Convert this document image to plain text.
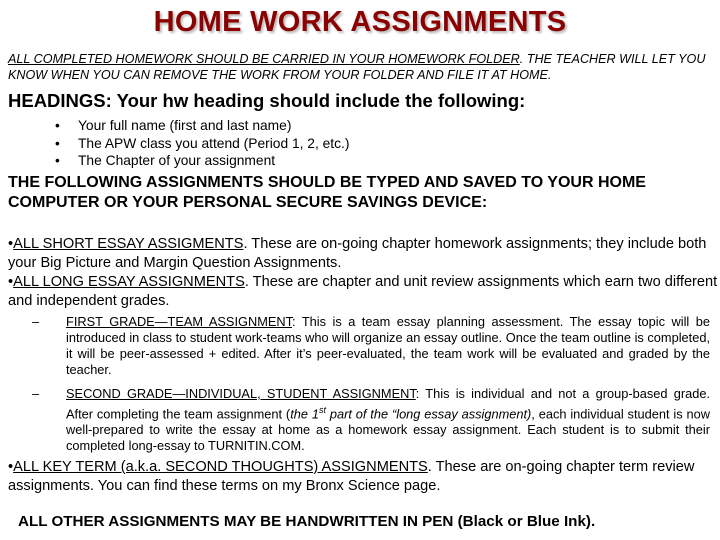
HOME WORK ASSIGNMENTS
ALL COMPLETED HOMEWORK SHOULD BE CARRIED IN YOUR HOMEWORK FOLDER. THE TEACHER WILL LET YOU KNOW WHEN YOU CAN REMOVE THE WORK FROM YOUR FOLDER AND FILE IT AT HOME.
HEADINGS: Your hw heading should include the following:
• Your full name (first and last name)
• The APW class you attend (Period 1, 2, etc.)
• The Chapter of your assignment
THE FOLLOWING ASSIGNMENTS SHOULD BE TYPED AND SAVED TO YOUR HOME COMPUTER OR YOUR PERSONAL SECURE SAVINGS DEVICE:
•ALL SHORT ESSAY ASSIGMENTS. These are on-going chapter homework assignments; they include both your Big Picture and Margin Question Assignments.
•ALL LONG ESSAY ASSIGNMENTS. These are chapter and unit review assignments which earn two different and independent grades.
– FIRST GRADE—TEAM ASSIGNMENT: This is a team essay planning assessment. The essay topic will be introduced in class to student work-teams who will organize an essay outline. Once the team outline is completed, it will be peer-assessed + edited. After it’s peer-evaluated, the team work will be evaluated and graded by the teacher.
– SECOND GRADE—INDIVIDUAL, STUDENT ASSIGNMENT: This is individual and not a group-based grade. After completing the team assignment (the 1st part of the “long essay assignment), each individual student is now well-prepared to write the essay at home as a homework essay assignment. Each student is to submit their completed long-essay to TURNITIN.COM.
•ALL KEY TERM (a.k.a. SECOND THOUGHTS) ASSIGNMENTS. These are on-going chapter term review assignments. You can find these terms on my Bronx Science page.
ALL OTHER ASSIGNMENTS MAY BE HANDWRITTEN IN PEN (Black or Blue Ink).
